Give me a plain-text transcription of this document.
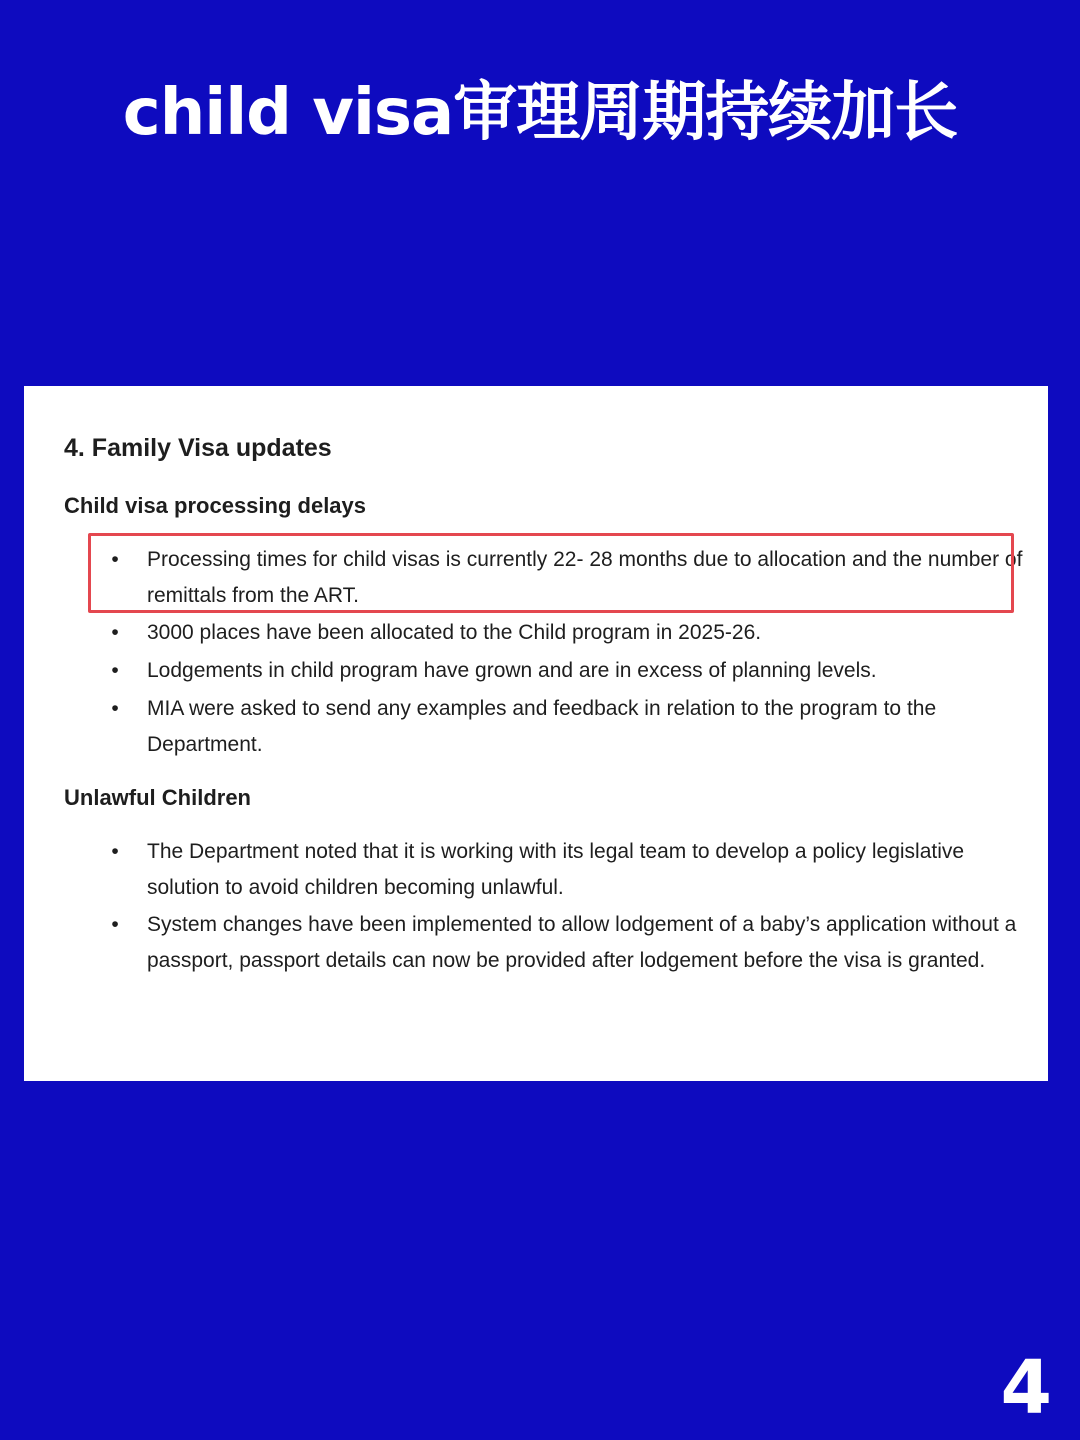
child visa审理周期持续加长
4. Family Visa updates
Child visa processing delays
• Processing times for child visas is currently 22- 28 months due to allocation and the number of remittals from the ART.
• 3000 places have been allocated to the Child program in 2025-26.
• Lodgements in child program have grown and are in excess of planning levels.
• MIA were asked to send any examples and feedback in relation to the program to the Department.
Unlawful Children
• The Department noted that it is working with its legal team to develop a policy legislative solution to avoid children becoming unlawful.
• System changes have been implemented to allow lodgement of a baby’s application without a passport, passport details can now be provided after lodgement before the visa is granted.
4
